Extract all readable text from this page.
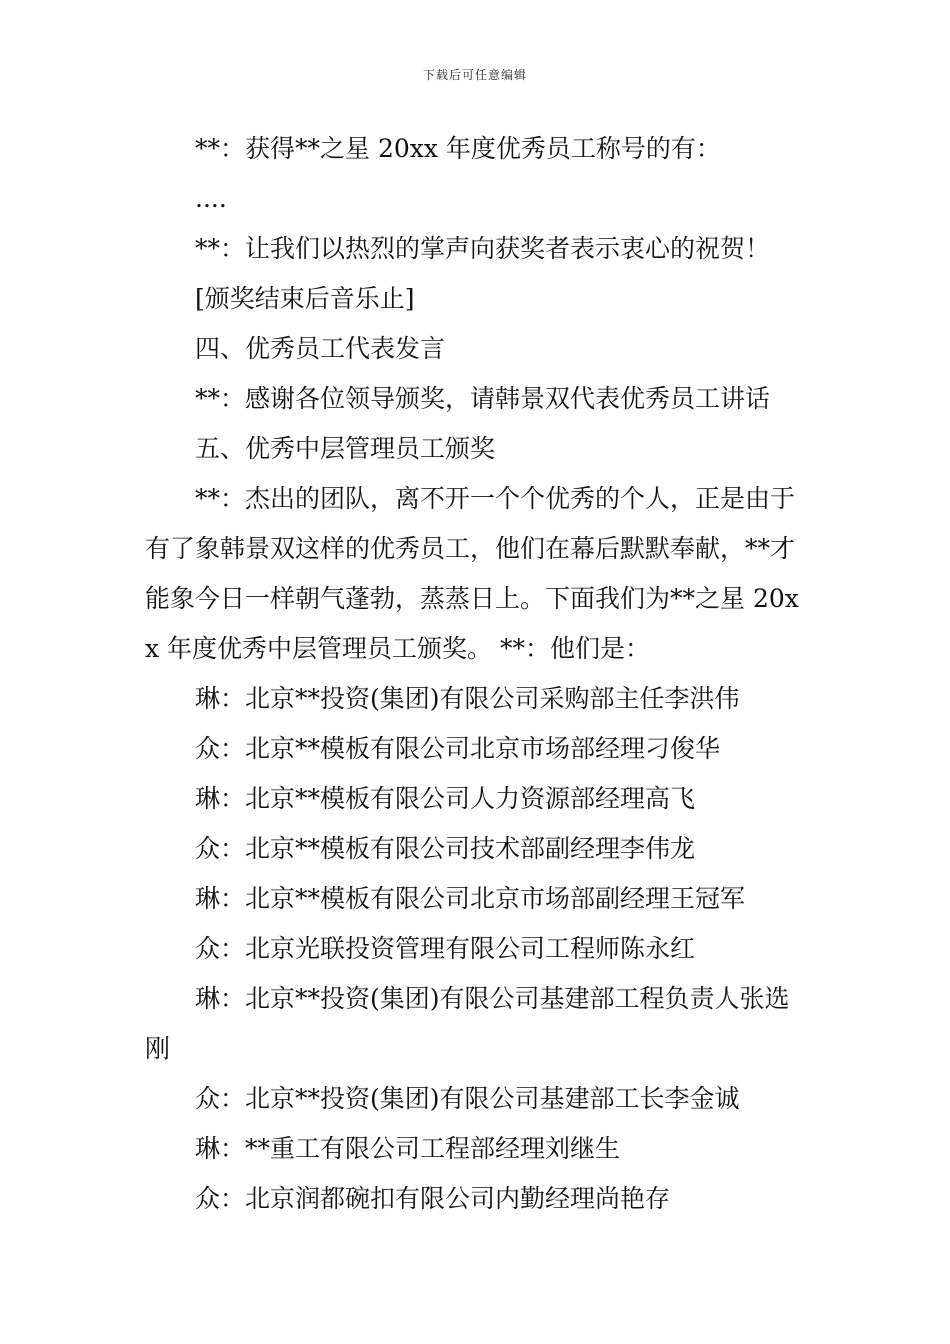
下载后可任意编辑

**：获得**之星 20xx 年度优秀员工称号的有：

....

**：让我们以热烈的掌声向获奖者表示衷心的祝贺！

[颁奖结束后音乐止]

四、优秀员工代表发言

**：感谢各位领导颁奖，请韩景双代表优秀员工讲话

五、优秀中层管理员工颁奖

**：杰出的团队，离不开一个个优秀的个人，正是由于有了象韩景双这样的优秀员工，他们在幕后默默奉献，**才能象今日一样朝气蓬勃，蒸蒸日上。下面我们为**之星 20xx 年度优秀中层管理员工颁奖。 **：他们是：

琳：北京**投资(集团)有限公司采购部主任李洪伟

众：北京**模板有限公司北京市场部经理刁俊华

琳：北京**模板有限公司人力资源部经理高飞

众：北京**模板有限公司技术部副经理李伟龙

琳：北京**模板有限公司北京市场部副经理王冠军

众：北京光联投资管理有限公司工程师陈永红

琳：北京**投资(集团)有限公司基建部工程负责人张选刚

众：北京**投资(集团)有限公司基建部工长李金诚

琳：**重工有限公司工程部经理刘继生

众：北京润都碗扣有限公司内勤经理尚艳存
